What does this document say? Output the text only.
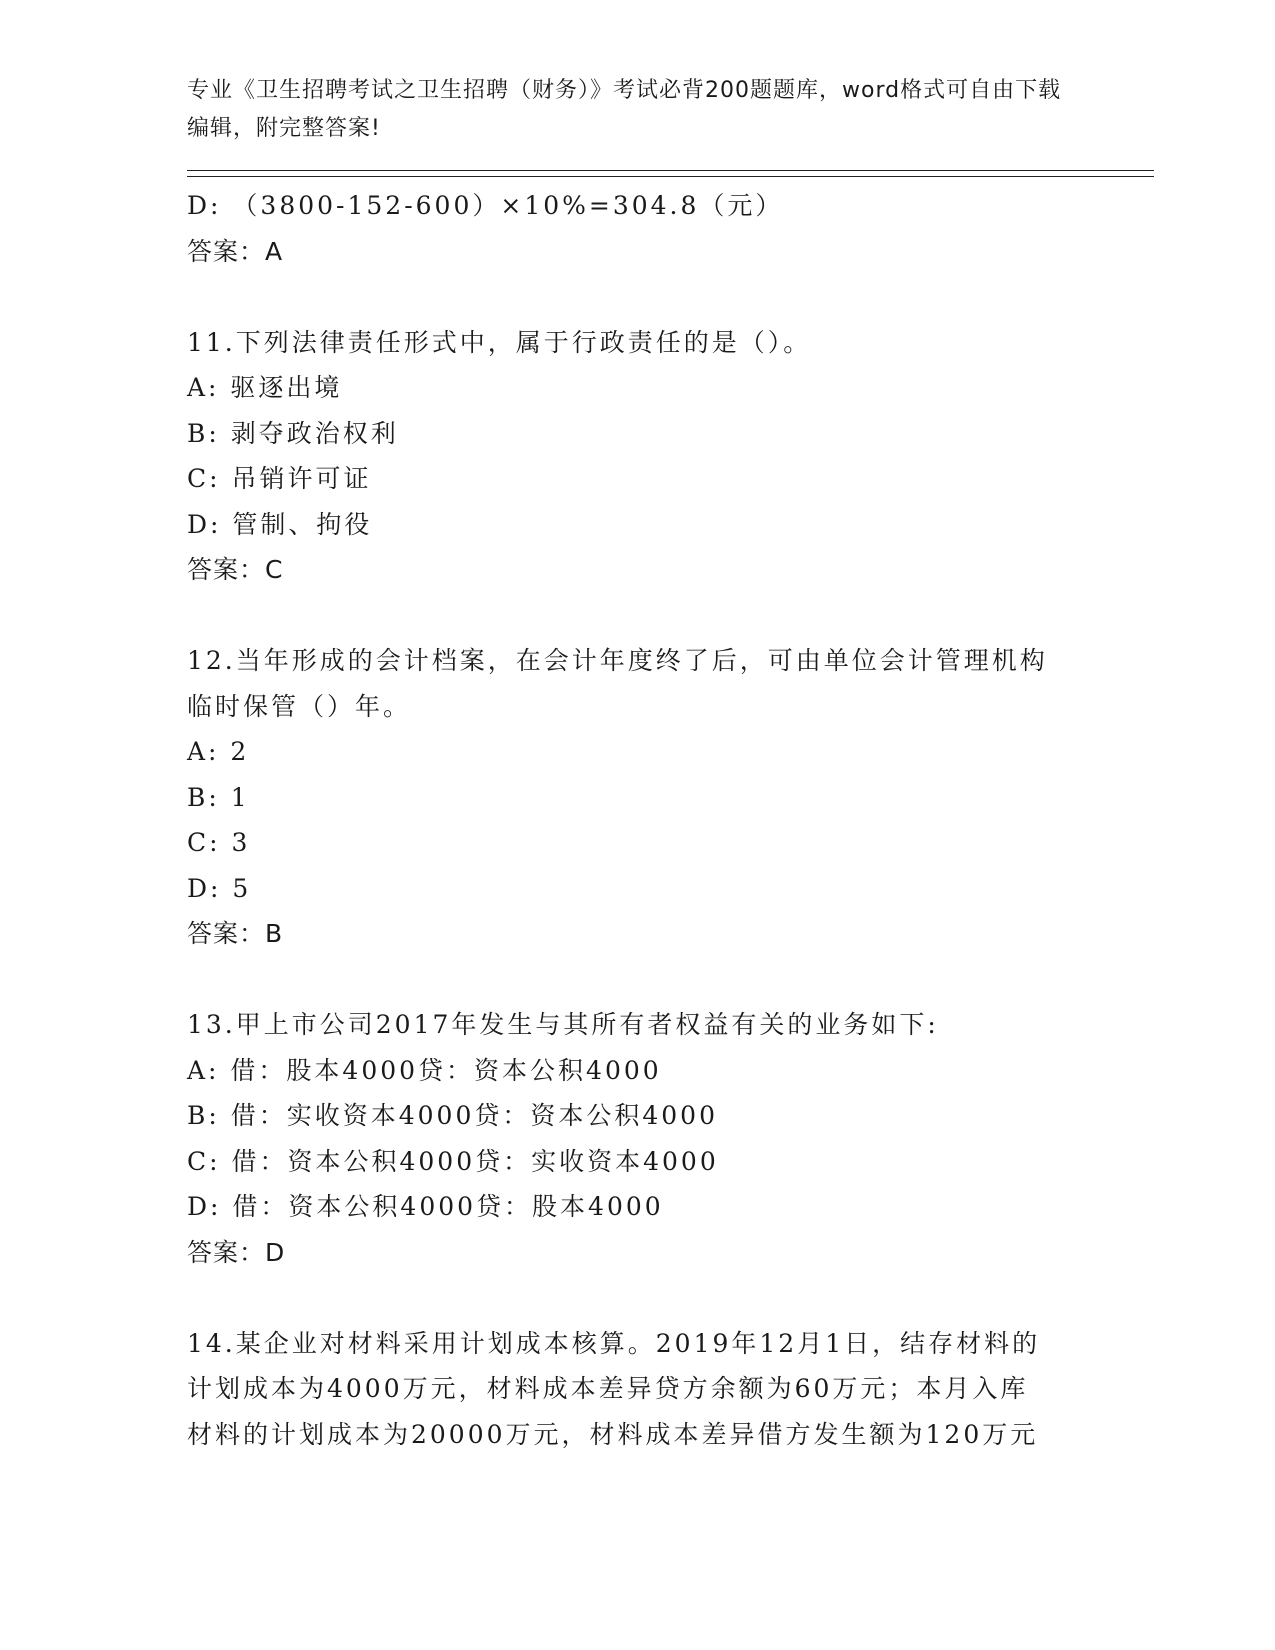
专业《卫生招聘考试之卫生招聘（财务）》考试必背200题题库，word格式可自由下载编辑，附完整答案!

D: （3800-152-600）×10%=304.8（元）

答案：A

11.下列法律责任形式中，属于行政责任的是（）。

A: 驱逐出境

B: 剥夺政治权利

C: 吊销许可证

D: 管制、拘役

答案：C

12.当年形成的会计档案，在会计年度终了后，可由单位会计管理机构

临时保管（）年。

A: 2

B: 1

C: 3

D: 5

答案：B

13.甲上市公司2017年发生与其所有者权益有关的业务如下:

A: 借：股本4000贷：资本公积4000

B: 借：实收资本4000贷：资本公积4000

C: 借：资本公积4000贷：实收资本4000

D: 借：资本公积4000贷：股本4000

答案：D

14.某企业对材料采用计划成本核算。2019年12月1日，结存材料的

计划成本为4000万元，材料成本差异贷方余额为60万元；本月入库

材料的计划成本为20000万元，材料成本差异借方发生额为120万元
